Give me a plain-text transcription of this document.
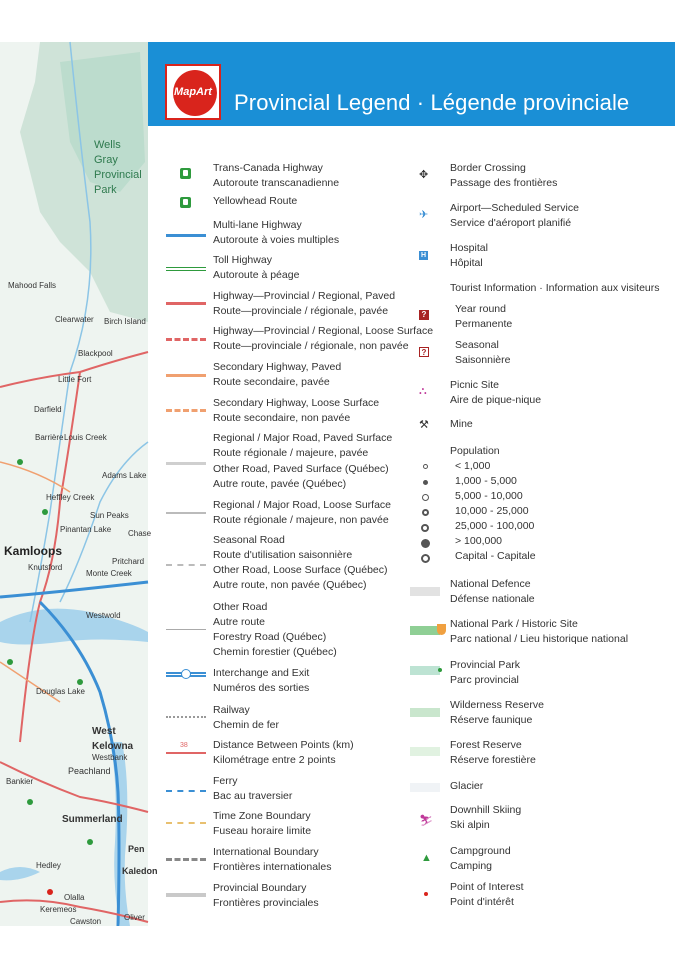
Kamloops
Clearwater
Wells Gray Provincial Park
West Kelowna
Summerland
Peachland
Louis Creek
Barrière
Blackpool
Chase
Pritchard
Monte Creek
Knutsford
Westbank
Keremeos
Oliver
Kaledon
Mahood Falls
Sun Peaks
Pinantan Lake
Douglas Lake
Darfield
Heffley Creek
Adams Lake
Westwold
Birch Island
Little Fort
Pen
Olalla
Cawston
Hedley
Bankier
MapArt	Provincial Legend · Légende provinciale
Trans-Canada Highway
Autoroute transcanadienne
Yellowhead Route
Multi-lane Highway
Autoroute à voies multiples
Toll Highway
Autoroute à péage
Highway—Provincial / Regional, Paved
Route—provinciale / régionale, pavée
Highway—Provincial / Regional, Loose Surface
Route—provinciale / régionale, non pavée
Secondary Highway, Paved
Route secondaire, pavée
Secondary Highway, Loose Surface
Route secondaire, non pavée
Regional / Major Road, Paved Surface
Route régionale / majeure, pavée
Other Road, Paved Surface (Québec)
Autre route, pavée (Québec)
Regional / Major Road, Loose Surface
Route régionale / majeure, non pavée
Seasonal Road
Route d'utilisation saisonnière
Other Road, Loose Surface (Québec)
Autre route, non pavée (Québec)
Other Road
Autre route
Forestry Road (Québec)
Chemin forestier (Québec)
Interchange and Exit
Numéros des sorties
Railway
Chemin de fer
38 Distance Between Points (km)
Kilométrage entre 2 points
Ferry
Bac au traversier
Time Zone Boundary
Fuseau horaire limite
International Boundary
Frontières internationales
Provincial Boundary
Frontières provinciales
✥
Border Crossing
Passage des frontières
✈
Airport—Scheduled Service
Service d'aéroport planifié
H
Hospital
Hôpital
Tourist Information · Information aux visiteurs
?	Year round
Permanente
?
Seasonal
Saisonnière
⛬ Picnic Site
Aire de pique-nique
⚒ Mine
Population
< 1,000
1,000 - 5,000
5,000 - 10,000
10,000 - 25,000
25,000 - 100,000
> 100,000
Capital - Capitale
National Defence
Défense nationale
National Park / Historic Site
Parc national / Lieu historique national
Provincial Park
Parc provincial
Wilderness Reserve
Réserve faunique
Forest Reserve
Réserve forestière
Glacier
⛷
Downhill Skiing
Ski alpin
▲
Campground
Camping
Point of Interest
Point d'intérêt
